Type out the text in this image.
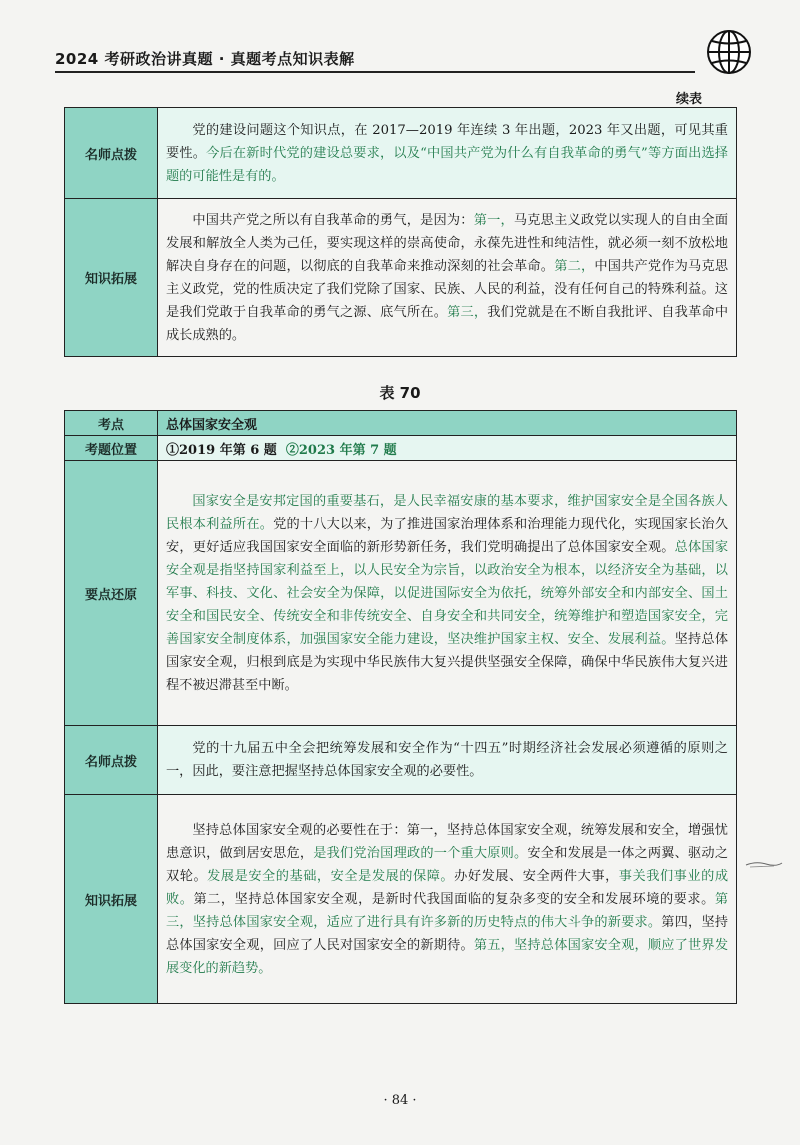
2024 考研政治讲真题 · 真题考点知识表解
续表
名师点拨	党的建设问题这个知识点，在 2017—2019 年连续 3 年出题，2023 年又出题，可见其重要性。今后在新时代党的建设总要求，以及“中国共产党为什么有自我革命的勇气”等方面出选择题的可能性是有的。
知识拓展	中国共产党之所以有自我革命的勇气，是因为：第一，马克思主义政党以实现人的自由全面发展和解放全人类为己任，要实现这样的崇高使命，永葆先进性和纯洁性，就必须一刻不放松地解决自身存在的问题，以彻底的自我革命来推动深刻的社会革命。第二，中国共产党作为马克思主义政党，党的性质决定了我们党除了国家、民族、人民的利益，没有任何自己的特殊利益。这是我们党敢于自我革命的勇气之源、底气所在。第三，我们党就是在不断自我批评、自我革命中成长成熟的。
表 70
考点	总体国家安全观
考题位置	①2019 年第 6 题 ②2023 年第 7 题
要点还原	国家安全是安邦定国的重要基石，是人民幸福安康的基本要求，维护国家安全是全国各族人民根本利益所在。党的十八大以来，为了推进国家治理体系和治理能力现代化，实现国家长治久安，更好适应我国国家安全面临的新形势新任务，我们党明确提出了总体国家安全观。总体国家安全观是指坚持国家利益至上，以人民安全为宗旨，以政治安全为根本，以经济安全为基础，以军事、科技、文化、社会安全为保障，以促进国际安全为依托，统筹外部安全和内部安全、国土安全和国民安全、传统安全和非传统安全、自身安全和共同安全，统筹维护和塑造国家安全，完善国家安全制度体系，加强国家安全能力建设，坚决维护国家主权、安全、发展利益。坚持总体国家安全观，归根到底是为实现中华民族伟大复兴提供坚强安全保障，确保中华民族伟大复兴进程不被迟滞甚至中断。
名师点拨	党的十九届五中全会把统筹发展和安全作为“十四五”时期经济社会发展必须遵循的原则之一，因此，要注意把握坚持总体国家安全观的必要性。
知识拓展	坚持总体国家安全观的必要性在于：第一，坚持总体国家安全观，统筹发展和安全，增强忧患意识，做到居安思危，是我们党治国理政的一个重大原则。安全和发展是一体之两翼、驱动之双轮。发展是安全的基础，安全是发展的保障。办好发展、安全两件大事，事关我们事业的成败。第二，坚持总体国家安全观，是新时代我国面临的复杂多变的安全和发展环境的要求。第三，坚持总体国家安全观，适应了进行具有许多新的历史特点的伟大斗争的新要求。第四，坚持总体国家安全观，回应了人民对国家安全的新期待。第五，坚持总体国家安全观，顺应了世界发展变化的新趋势。
· 84 ·
